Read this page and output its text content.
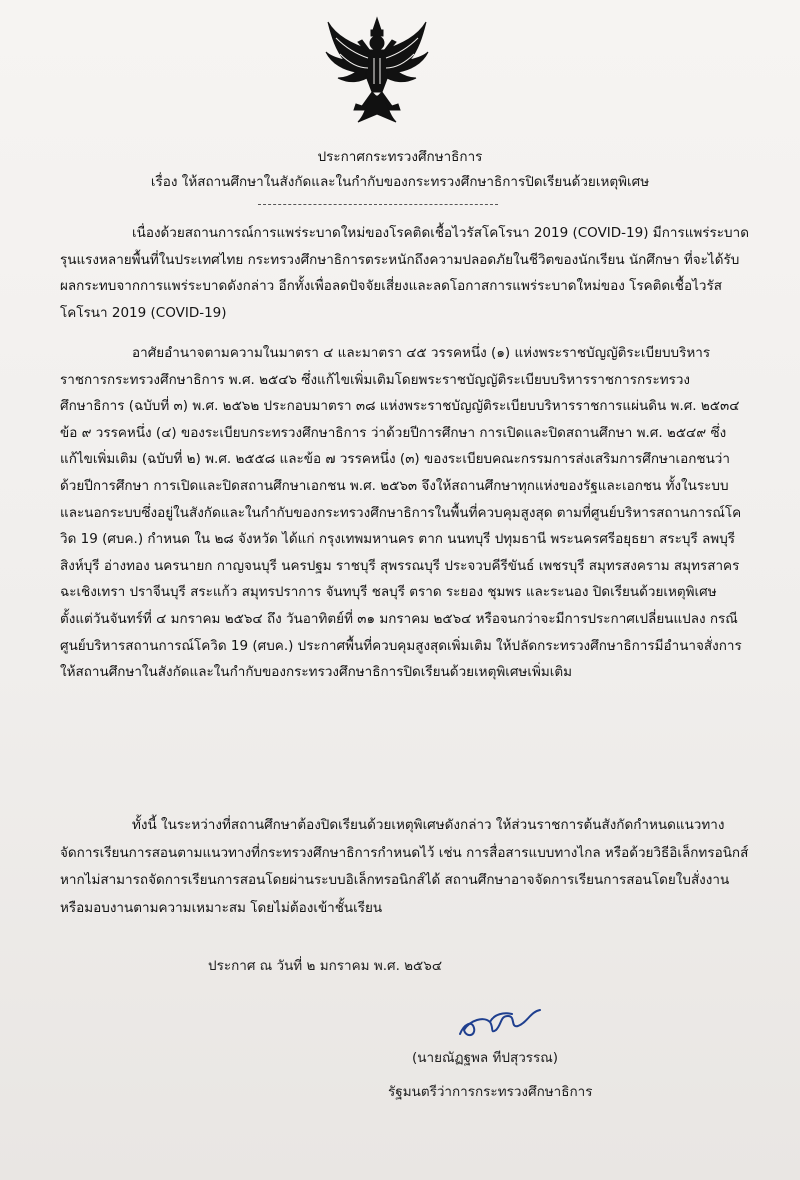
ประกาศกระทรวงศึกษาธิการ
เรื่อง ให้สถานศึกษาในสังกัดและในกำกับของกระทรวงศึกษาธิการปิดเรียนด้วยเหตุพิเศษ

เนื่องด้วยสถานการณ์การแพร่ระบาดใหม่ของโรคติดเชื้อไวรัสโคโรนา 2019 (COVID-19) มีการแพร่ระบาดรุนแรงหลายพื้นที่ในประเทศไทย กระทรวงศึกษาธิการตระหนักถึงความปลอดภัยในชีวิตของนักเรียน นักศึกษา ที่จะได้รับผลกระทบจากการแพร่ระบาดดังกล่าว อีกทั้งเพื่อลดปัจจัยเสี่ยงและลดโอกาสการแพร่ระบาดใหม่ของ โรคติดเชื้อไวรัสโคโรนา 2019 (COVID-19)

อาศัยอำนาจตามความในมาตรา ๔ และมาตรา ๔๕ วรรคหนึ่ง (๑) แห่งพระราชบัญญัติระเบียบบริหารราชการกระทรวงศึกษาธิการ พ.ศ. ๒๕๔๖ ซึ่งแก้ไขเพิ่มเติมโดยพระราชบัญญัติระเบียบบริหารราชการกระทรวงศึกษาธิการ (ฉบับที่ ๓) พ.ศ. ๒๕๖๒ ประกอบมาตรา ๓๘ แห่งพระราชบัญญัติระเบียบบริหารราชการแผ่นดิน พ.ศ. ๒๕๓๔ ข้อ ๙ วรรคหนึ่ง (๔) ของระเบียบกระทรวงศึกษาธิการ ว่าด้วยปีการศึกษา การเปิดและปิดสถานศึกษา พ.ศ. ๒๕๔๙ ซึ่งแก้ไขเพิ่มเติม (ฉบับที่ ๒) พ.ศ. ๒๕๕๘ และข้อ ๗ วรรคหนึ่ง (๓) ของระเบียบคณะกรรมการส่งเสริมการศึกษาเอกชนว่าด้วยปีการศึกษา การเปิดและปิดสถานศึกษาเอกชน พ.ศ. ๒๕๖๓ จึงให้สถานศึกษาทุกแห่งของรัฐและเอกชน ทั้งในระบบและนอกระบบซึ่งอยู่ในสังกัดและในกำกับของกระทรวงศึกษาธิการในพื้นที่ควบคุมสูงสุด ตามที่ศูนย์บริหารสถานการณ์โควิด 19 (ศบค.) กำหนด ใน ๒๘ จังหวัด ได้แก่ กรุงเทพมหานคร ตาก นนทบุรี ปทุมธานี พระนครศรีอยุธยา สระบุรี ลพบุรี สิงห์บุรี อ่างทอง นครนายก กาญจนบุรี นครปฐม ราชบุรี สุพรรณบุรี ประจวบคีรีขันธ์ เพชรบุรี สมุทรสงคราม สมุทรสาคร ฉะเชิงเทรา ปราจีนบุรี สระแก้ว สมุทรปราการ จันทบุรี ชลบุรี ตราด ระยอง ชุมพร และระนอง ปิดเรียนด้วยเหตุพิเศษ ตั้งแต่วันจันทร์ที่ ๔ มกราคม ๒๕๖๔ ถึง วันอาทิตย์ที่ ๓๑ มกราคม ๒๕๖๔ หรือจนกว่าจะมีการประกาศเปลี่ยนแปลง กรณีศูนย์บริหารสถานการณ์โควิด 19 (ศบค.) ประกาศพื้นที่ควบคุมสูงสุดเพิ่มเติม ให้ปลัดกระทรวงศึกษาธิการมีอำนาจสั่งการให้สถานศึกษาในสังกัดและในกำกับของกระทรวงศึกษาธิการปิดเรียนด้วยเหตุพิเศษเพิ่มเติม

ทั้งนี้ ในระหว่างที่สถานศึกษาต้องปิดเรียนด้วยเหตุพิเศษดังกล่าว ให้ส่วนราชการต้นสังกัดกำหนดแนวทางจัดการเรียนการสอนตามแนวทางที่กระทรวงศึกษาธิการกำหนดไว้ เช่น การสื่อสารแบบทางไกล หรือด้วยวิธีอิเล็กทรอนิกส์ หากไม่สามารถจัดการเรียนการสอนโดยผ่านระบบอิเล็กทรอนิกส์ได้ สถานศึกษาอาจจัดการเรียนการสอนโดยใบสั่งงานหรือมอบงานตามความเหมาะสม โดยไม่ต้องเข้าชั้นเรียน

ประกาศ ณ วันที่ ๒ มกราคม พ.ศ. ๒๕๖๔
(นายณัฏฐพล ทีปสุวรรณ)
รัฐมนตรีว่าการกระทรวงศึกษาธิการ
